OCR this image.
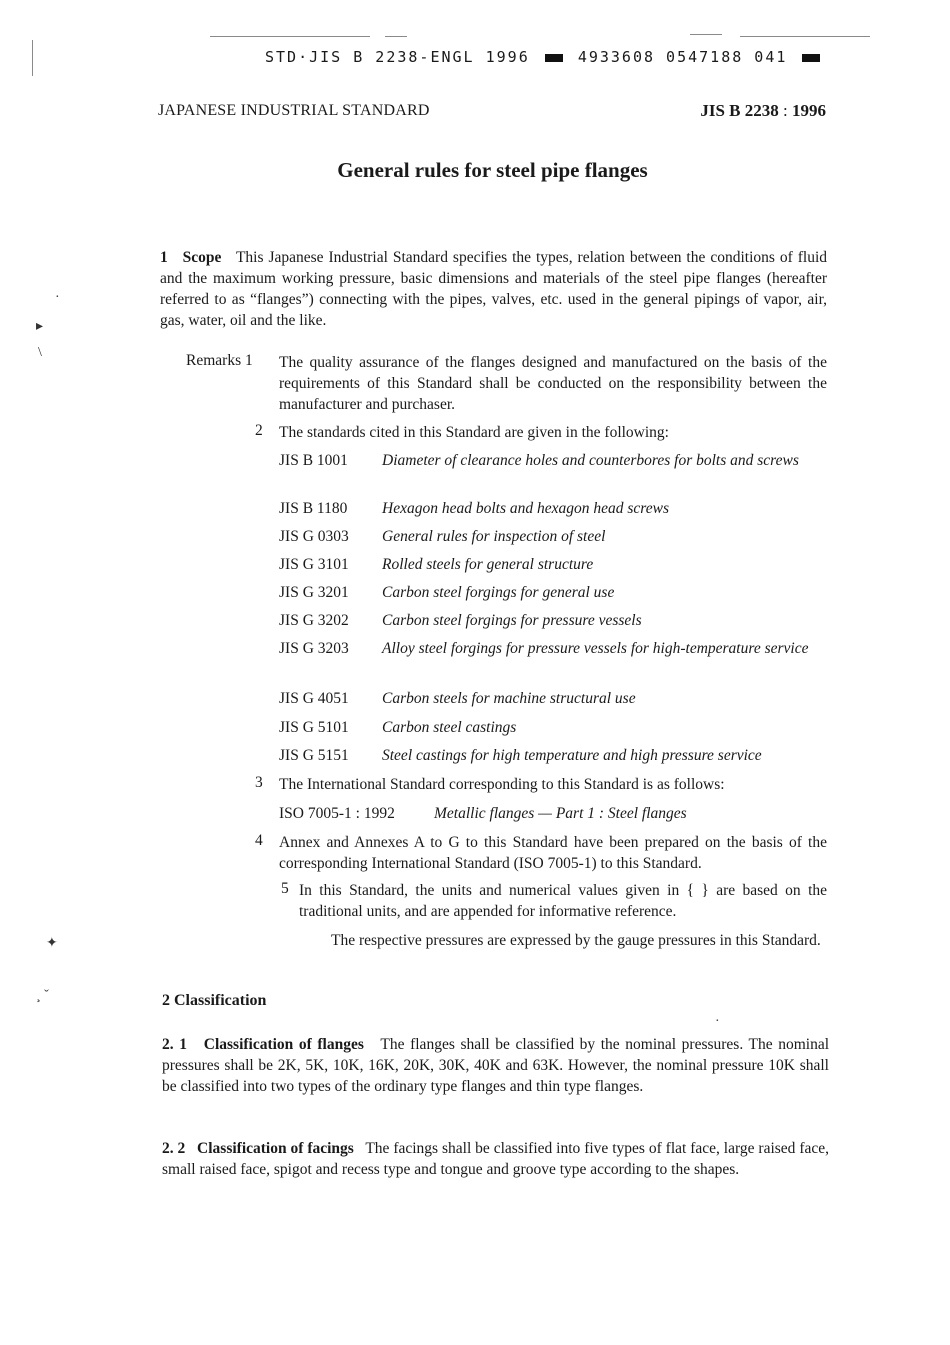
·
▸
\
✦
¸ ˇ
·
STD·JIS B 2238-ENGL 1996	4933608 0547188 041
JAPANESE INDUSTRIAL STANDARD	JIS B 2238 : 1996
General rules for steel pipe flanges
1 Scope This Japanese Industrial Standard specifies the types, relation between the conditions of fluid and the maximum working pressure, basic dimensions and materials of the steel pipe flanges (hereafter referred to as “flanges”) connecting with the pipes, valves, etc. used in the general pipings of vapor, air, gas, water, oil and the like.
Remarks 1 The quality assurance of the flanges designed and manufactured on the basis of the requirements of this Standard shall be conducted on the responsibility between the manufacturer and purchaser.
2 The standards cited in this Standard are given in the following:
JIS B 1001 Diameter of clearance holes and counterbores for bolts and screws
JIS B 1180 Hexagon head bolts and hexagon head screws
JIS G 0303 General rules for inspection of steel
JIS G 3101 Rolled steels for general structure
JIS G 3201 Carbon steel forgings for general use
JIS G 3202 Carbon steel forgings for pressure vessels
JIS G 3203 Alloy steel forgings for pressure vessels for high-temperature service
JIS G 4051 Carbon steels for machine structural use
JIS G 5101 Carbon steel castings
JIS G 5151 Steel castings for high temperature and high pressure service
3 The International Standard corresponding to this Standard is as follows:
ISO 7005-1 : 1992	Metallic flanges — Part 1 : Steel flanges
4 Annex and Annexes A to G to this Standard have been prepared on the basis of the corresponding International Standard (ISO 7005-1) to this Standard.
5 In this Standard, the units and numerical values given in { } are based on the traditional units, and are appended for informative reference.
The respective pressures are expressed by the gauge pressures in this Standard.
2 Classification
2. 1 Classification of flanges The flanges shall be classified by the nominal pressures. The nominal pressures shall be 2K, 5K, 10K, 16K, 20K, 30K, 40K and 63K. However, the nominal pressure 10K shall be classified into two types of the ordinary type flanges and thin type flanges.
2. 2 Classification of facings The facings shall be classified into five types of flat face, large raised face, small raised face, spigot and recess type and tongue and groove type according to the shapes.
